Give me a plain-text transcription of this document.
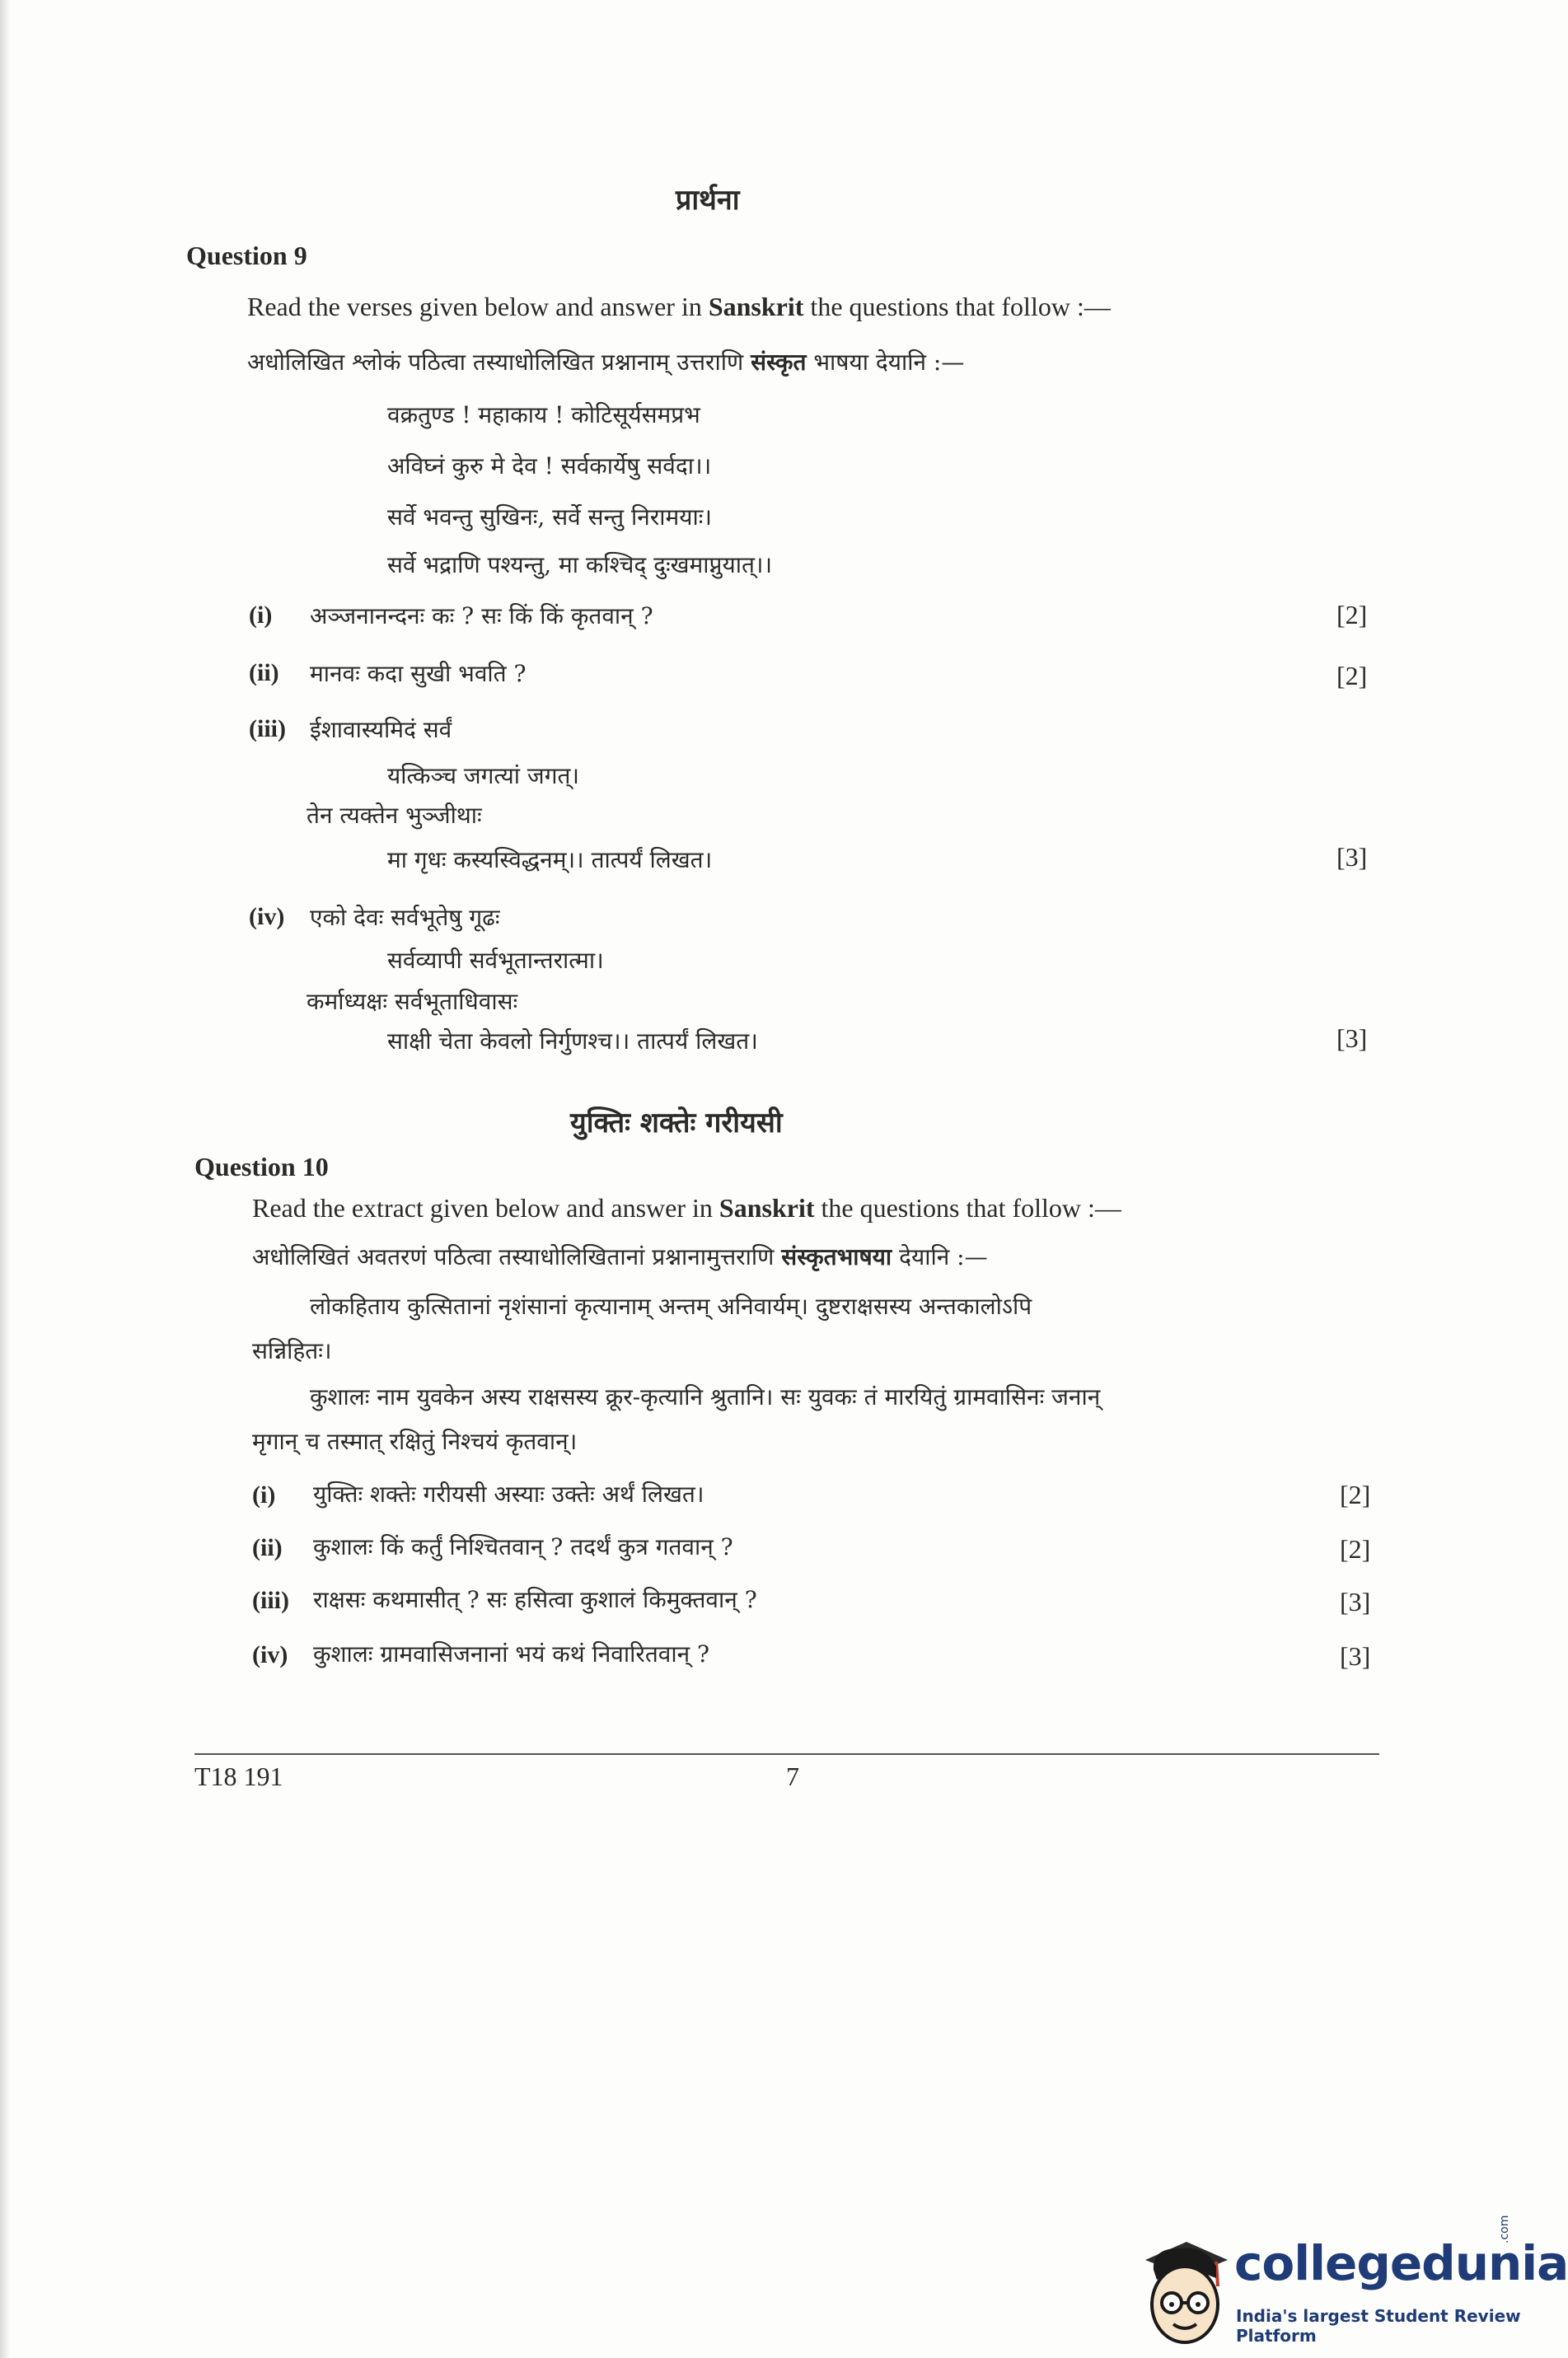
प्रार्थना
Question 9
Read the verses given below and answer in Sanskrit the questions that follow :—
अधोलिखित श्लोकं पठित्वा तस्याधोलिखित प्रश्नानाम् उत्तराणि संस्कृत भाषया देयानि :—
वक्रतुण्ड ! महाकाय ! कोटिसूर्यसमप्रभ
अविघ्नं कुरु मे देव ! सर्वकार्येषु सर्वदा।।
सर्वे भवन्तु सुखिनः, सर्वे सन्तु निरामयाः।
सर्वे भद्राणि पश्यन्तु, मा कश्चिद् दुःखमाप्नुयात्।।
(i) अञ्जनानन्दनः कः ? सः किं किं कृतवान् ?	[2]
(ii) मानवः कदा सुखी भवति ?	[2]
(iii) ईशावास्यमिदं सर्वं
यत्किञ्च जगत्यां जगत्।
तेन त्यक्तेन भुञ्जीथाः
मा गृधः कस्यस्विद्धनम्।। तात्पर्यं लिखत।	[3]
(iv) एको देवः सर्वभूतेषु गूढः
सर्वव्यापी सर्वभूतान्तरात्मा।
कर्माध्यक्षः सर्वभूताधिवासः
साक्षी चेता केवलो निर्गुणश्च।। तात्पर्यं लिखत।	[3]
युक्तिः शक्तेः गरीयसी
Question 10
Read the extract given below and answer in Sanskrit the questions that follow :—
अधोलिखितं अवतरणं पठित्वा तस्याधोलिखितानां प्रश्नानामुत्तराणि संस्कृतभाषया देयानि :—
लोकहिताय कुत्सितानां नृशंसानां कृत्यानाम् अन्तम् अनिवार्यम्। दुष्टराक्षसस्य अन्तकालोऽपि
सन्निहितः।
कुशालः नाम युवकेन अस्य राक्षसस्य क्रूर-कृत्यानि श्रुतानि। सः युवकः तं मारयितुं ग्रामवासिनः जनान्
मृगान् च तस्मात् रक्षितुं निश्चयं कृतवान्।
(i) युक्तिः शक्तेः गरीयसी अस्याः उक्तेः अर्थं लिखत।	[2]
(ii) कुशालः किं कर्तुं निश्चितवान् ? तदर्थं कुत्र गतवान् ?	[2]
(iii) राक्षसः कथमासीत् ? सः हसित्वा कुशालं किमुक्तवान् ?	[3]
(iv) कुशालः ग्रामवासिजनानां भयं कथं निवारितवान् ?	[3]
T18 191	7
collegedunia
India's largest Student Review Platform
.com
